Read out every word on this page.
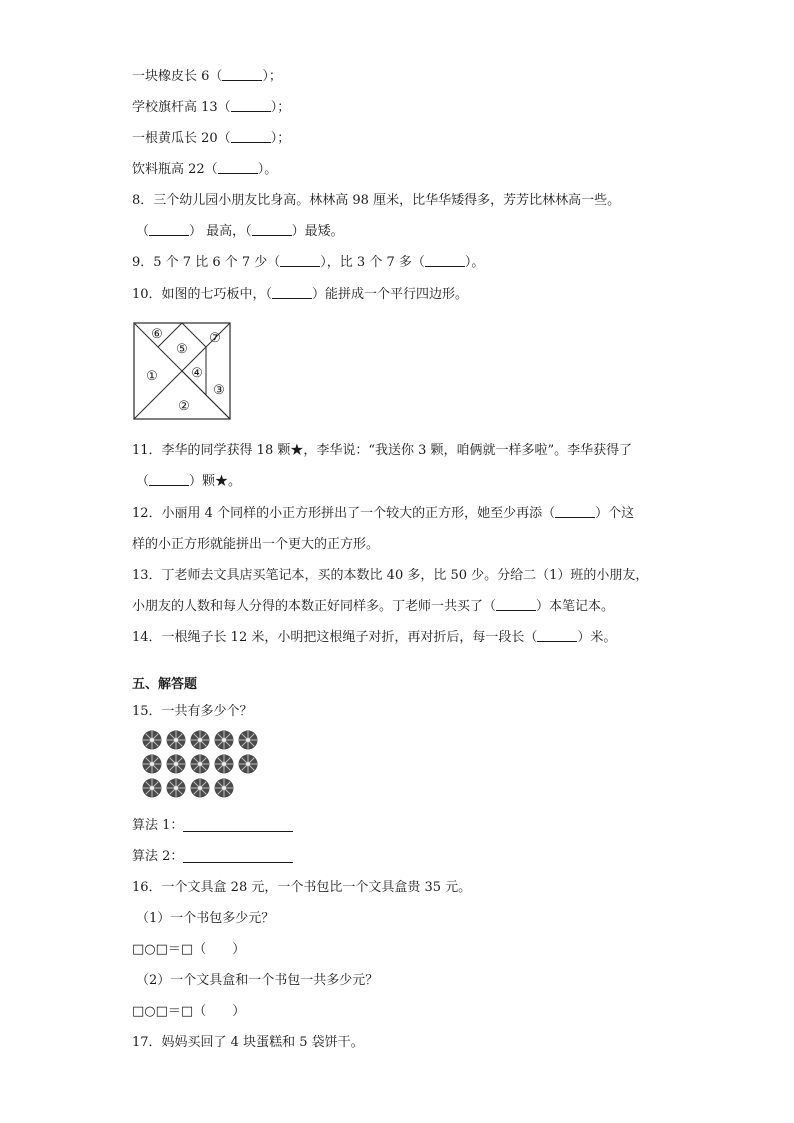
一块橡皮长 6（	）；
学校旗杆高 13（	）；
一根黄瓜长 20（	）；
饮料瓶高 22（	）。
8．三个幼儿园小朋友比身高。林林高 98 厘米，比华华矮得多，芳芳比林林高一些。
（	） 最高，（	）最矮。
9．5 个 7 比 6 个 7 少（	），比 3 个 7 多（	）。
10．如图的七巧板中，（	）能拼成一个平行四边形。
⑥
⑤
⑦
①	④
③
②
11．李华的同学获得 18 颗★，李华说：“我送你 3 颗，咱俩就一样多啦”。李华获得了
（	）颗★。
12．小丽用 4 个同样的小正方形拼出了一个较大的正方形，她至少再添（	）个这
样的小正方形就能拼出一个更大的正方形。
13．丁老师去文具店买笔记本，买的本数比 40 多，比 50 少。分给二（1）班的小朋友，
小朋友的人数和每人分得的本数正好同样多。丁老师一共买了（	）本笔记本。
14．一根绳子长 12 米，小明把这根绳子对折，再对折后，每一段长（	）米。
五、解答题
15．一共有多少个？
算法 1：
算法 2：
16．一个文具盒 28 元，一个书包比一个文具盒贵 35 元。
（1）一个书包多少元？
□○□＝□（　　）
（2）一个文具盒和一个书包一共多少元？
□○□＝□（　　）
17．妈妈买回了 4 块蛋糕和 5 袋饼干。
